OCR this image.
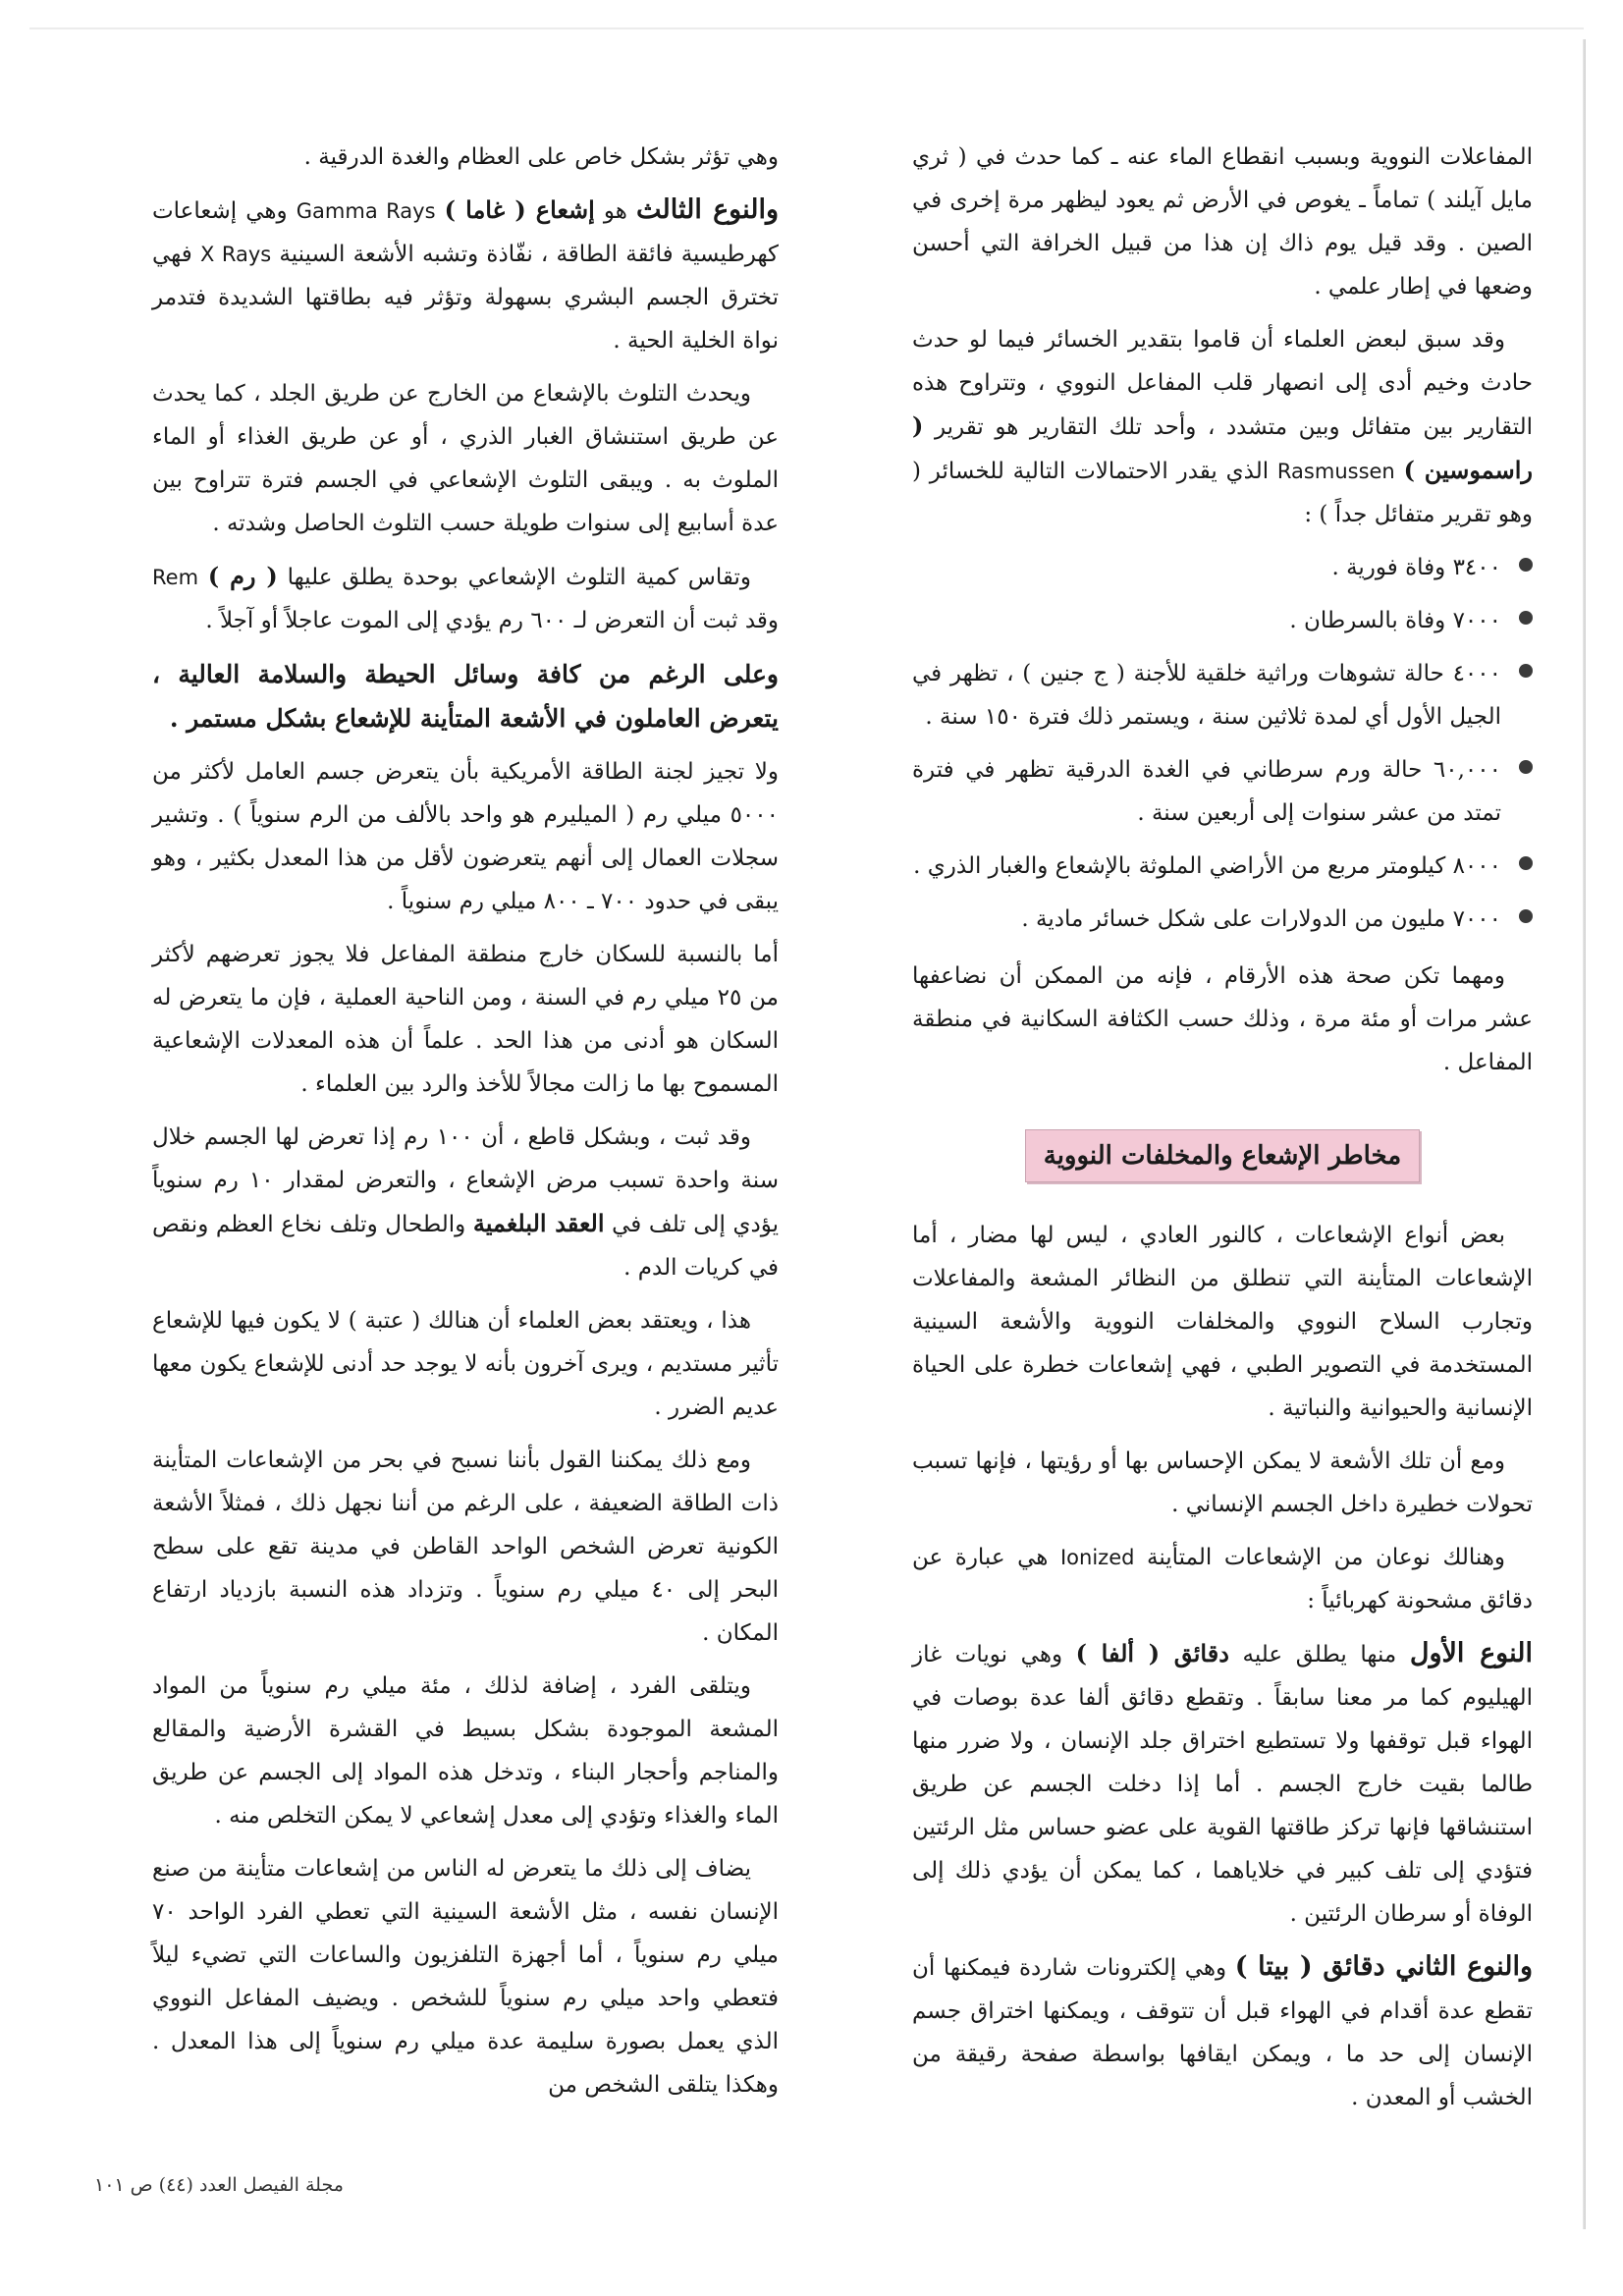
المفاعلات النووية وبسبب انقطاع الماء عنه ـ كما حدث في ( ثري مايل آيلند ) تماماً ـ يغوص في الأرض ثم يعود ليظهر مرة إخرى في الصين . وقد قيل يوم ذاك إن هذا من قبيل الخرافة التي أحسن وضعها في إطار علمي .

وقد سبق لبعض العلماء أن قاموا بتقدير الخسائر فيما لو حدث حادث وخيم أدى إلى انصهار قلب المفاعل النووي ، وتتراوح هذه التقارير بين متفائل وبين متشدد ، وأحد تلك التقارير هو تقرير ( راسموسين ) Rasmussen الذي يقدر الاحتمالات التالية للخسائر ( وهو تقرير متفائل جداً ) :

٣٤٠٠ وفاة فورية .
٧٠٠٠ وفاة بالسرطان .
٤٠٠٠ حالة تشوهات وراثية خلقية للأجنة ( ج جنين ) ، تظهر في الجيل الأول أي لمدة ثلاثين سنة ، ويستمر ذلك فترة ١٥٠ سنة .
٦٠,٠٠٠ حالة ورم سرطاني في الغدة الدرقية تظهر في فترة تمتد من عشر سنوات إلى أربعين سنة .
٨٠٠٠ كيلومتر مربع من الأراضي الملوثة بالإشعاع والغبار الذري .
٧٠٠٠ مليون من الدولارات على شكل خسائر مادية .

ومهما تكن صحة هذه الأرقام ، فإنه من الممكن أن نضاعفها عشر مرات أو مئة مرة ، وذلك حسب الكثافة السكانية في منطقة المفاعل .

مخاطر الإشعاع والمخلفات النووية

بعض أنواع الإشعاعات ، كالنور العادي ، ليس لها مضار ، أما الإشعاعات المتأينة التي تنطلق من النظائر المشعة والمفاعلات وتجارب السلاح النووي والمخلفات النووية والأشعة السينية المستخدمة في التصوير الطبي ، فهي إشعاعات خطرة على الحياة الإنسانية والحيوانية والنباتية .

ومع أن تلك الأشعة لا يمكن الإحساس بها أو رؤيتها ، فإنها تسبب تحولات خطيرة داخل الجسم الإنساني .

وهنالك نوعان من الإشعاعات المتأينة Ionized هي عبارة عن دقائق مشحونة كهربائياً :

النوع الأول منها يطلق عليه دقائق ( ألفا ) وهي نويات غاز الهيليوم كما مر معنا سابقاً . وتقطع دقائق ألفا عدة بوصات في الهواء قبل توقفها ولا تستطيع اختراق جلد الإنسان ، ولا ضرر منها طالما بقيت خارج الجسم . أما إذا دخلت الجسم عن طريق استنشاقها فإنها تركز طاقتها القوية على عضو حساس مثل الرئتين فتؤدي إلى تلف كبير في خلاياهما ، كما يمكن أن يؤدي ذلك إلى الوفاة أو سرطان الرئتين .

والنوع الثاني دقائق ( بيتا ) وهي إلكترونات شاردة فيمكنها أن تقطع عدة أقدام في الهواء قبل أن تتوقف ، ويمكنها اختراق جسم الإنسان إلى حد ما ، ويمكن ايقافها بواسطة صفحة رقيقة من الخشب أو المعدن .

وهي تؤثر بشكل خاص على العظام والغدة الدرقية .

والنوع الثالث هو إشعاع ( غاما ) Gamma Rays وهي إشعاعات كهرطيسية فائقة الطاقة ، نفّاذة وتشبه الأشعة السينية X Rays فهي تخترق الجسم البشري بسهولة وتؤثر فيه بطاقتها الشديدة فتدمر نواة الخلية الحية .

ويحدث التلوث بالإشعاع من الخارج عن طريق الجلد ، كما يحدث عن طريق استنشاق الغبار الذري ، أو عن طريق الغذاء أو الماء الملوث به . ويبقى التلوث الإشعاعي في الجسم فترة تتراوح بين عدة أسابيع إلى سنوات طويلة حسب التلوث الحاصل وشدته .

وتقاس كمية التلوث الإشعاعي بوحدة يطلق عليها ( رم ) Rem وقد ثبت أن التعرض لـ ٦٠٠ رم يؤدي إلى الموت عاجلاً أو آجلاً .

وعلى الرغم من كافة وسائل الحيطة والسلامة العالية ، يتعرض العاملون في الأشعة المتأينة للإشعاع بشكل مستمر .

ولا تجيز لجنة الطاقة الأمريكية بأن يتعرض جسم العامل لأكثر من ٥٠٠٠ ميلي رم ( الميليرم هو واحد بالألف من الرم سنوياً ) . وتشير سجلات العمال إلى أنهم يتعرضون لأقل من هذا المعدل بكثير ، وهو يبقى في حدود ٧٠٠ ـ ٨٠٠ ميلي رم سنوياً .

أما بالنسبة للسكان خارج منطقة المفاعل فلا يجوز تعرضهم لأكثر من ٢٥ ميلي رم في السنة ، ومن الناحية العملية ، فإن ما يتعرض له السكان هو أدنى من هذا الحد . علماً أن هذه المعدلات الإشعاعية المسموح بها ما زالت مجالاً للأخذ والرد بين العلماء .

وقد ثبت ، وبشكل قاطع ، أن ١٠٠ رم إذا تعرض لها الجسم خلال سنة واحدة تسبب مرض الإشعاع ، والتعرض لمقدار ١٠ رم سنوياً يؤدي إلى تلف في العقد البلغمية والطحال وتلف نخاع العظم ونقص في كريات الدم .

هذا ، ويعتقد بعض العلماء أن هنالك ( عتبة ) لا يكون فيها للإشعاع تأثير مستديم ، ويرى آخرون بأنه لا يوجد حد أدنى للإشعاع يكون معها عديم الضرر .

ومع ذلك يمكننا القول بأننا نسبح في بحر من الإشعاعات المتأينة ذات الطاقة الضعيفة ، على الرغم من أننا نجهل ذلك ، فمثلاً الأشعة الكونية تعرض الشخص الواحد القاطن في مدينة تقع على سطح البحر إلى ٤٠ ميلي رم سنوياً . وتزداد هذه النسبة بازدياد ارتفاع المكان .

ويتلقى الفرد ، إضافة لذلك ، مئة ميلي رم سنوياً من المواد المشعة الموجودة بشكل بسيط في القشرة الأرضية والمقالع والمناجم وأحجار البناء ، وتدخل هذه المواد إلى الجسم عن طريق الماء والغذاء وتؤدي إلى معدل إشعاعي لا يمكن التخلص منه .

يضاف إلى ذلك ما يتعرض له الناس من إشعاعات متأينة من صنع الإنسان نفسه ، مثل الأشعة السينية التي تعطي الفرد الواحد ٧٠ ميلي رم سنوياً ، أما أجهزة التلفزيون والساعات التي تضيء ليلاً فتعطي واحد ميلي رم سنوياً للشخص . ويضيف المفاعل النووي الذي يعمل بصورة سليمة عدة ميلي رم سنوياً إلى هذا المعدل . وهكذا يتلقى الشخص من

مجلة الفيصل العدد (٤٤) ص ١٠١
